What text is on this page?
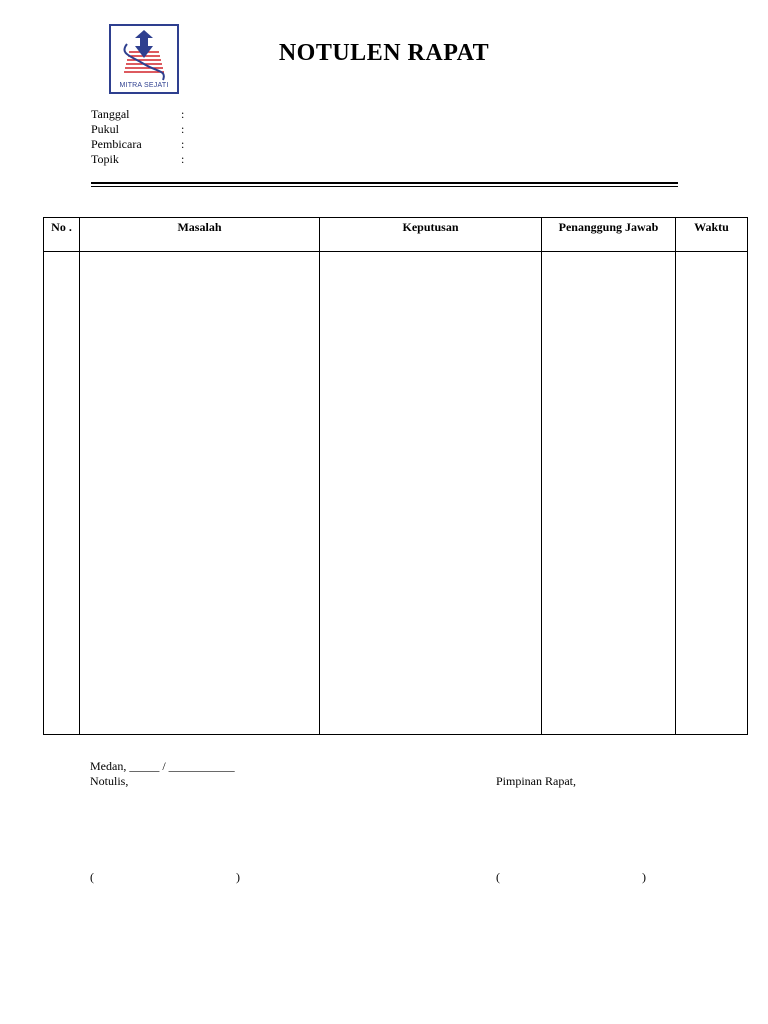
MITRA SEJATI
NOTULEN RAPAT
Tanggal	:
Pukul	:
Pembicara	:
Topik	:
No .	Masalah	Keputusan	Penanggung Jawab	Waktu

Medan, _____ / ___________
Notulis,	Pimpinan Rapat,
(	)	(	)
